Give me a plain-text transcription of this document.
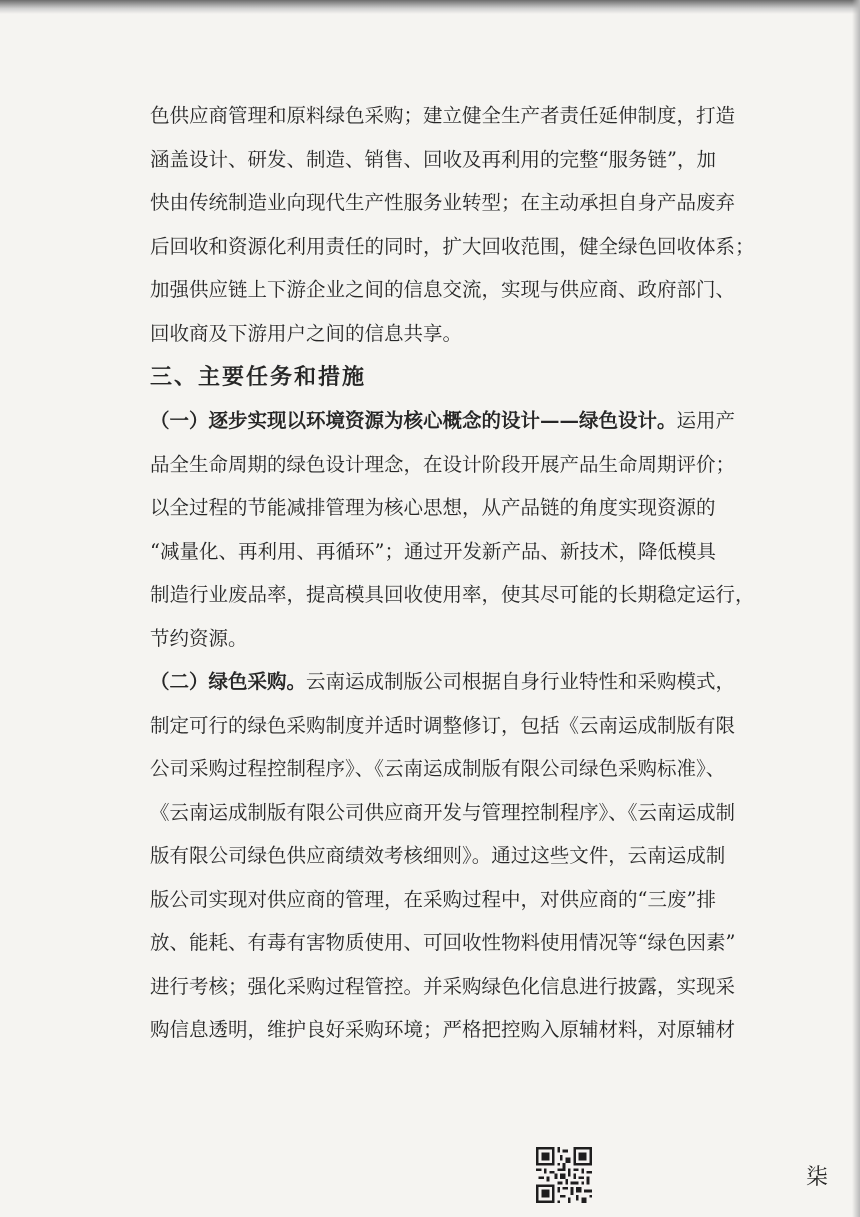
色供应商管理和原料绿色采购；建立健全生产者责任延伸制度，打造
涵盖设计、研发、制造、销售、回收及再利用的完整“服务链”，加
快由传统制造业向现代生产性服务业转型；在主动承担自身产品废弃
后回收和资源化利用责任的同时，扩大回收范围，健全绿色回收体系；
加强供应链上下游企业之间的信息交流，实现与供应商、政府部门、
回收商及下游用户之间的信息共享。
三、主要任务和措施
（一）逐步实现以环境资源为核心概念的设计——绿色设计。运用产
品全生命周期的绿色设计理念，在设计阶段开展产品生命周期评价；
以全过程的节能减排管理为核心思想，从产品链的角度实现资源的
“减量化、再利用、再循环”；通过开发新产品、新技术，降低模具
制造行业废品率，提高模具回收使用率，使其尽可能的长期稳定运行，
节约资源。
（二）绿色采购。云南运成制版公司根据自身行业特性和采购模式，
制定可行的绿色采购制度并适时调整修订，包括《云南运成制版有限
公司采购过程控制程序》、《云南运成制版有限公司绿色采购标准》、
《云南运成制版有限公司供应商开发与管理控制程序》、《云南运成制
版有限公司绿色供应商绩效考核细则》。通过这些文件，云南运成制
版公司实现对供应商的管理，在采购过程中，对供应商的“三废”排
放、能耗、有毒有害物质使用、可回收性物料使用情况等“绿色因素”
进行考核；强化采购过程管控。并采购绿色化信息进行披露，实现采
购信息透明，维护良好采购环境；严格把控购入原辅材料，对原辅材
柒
